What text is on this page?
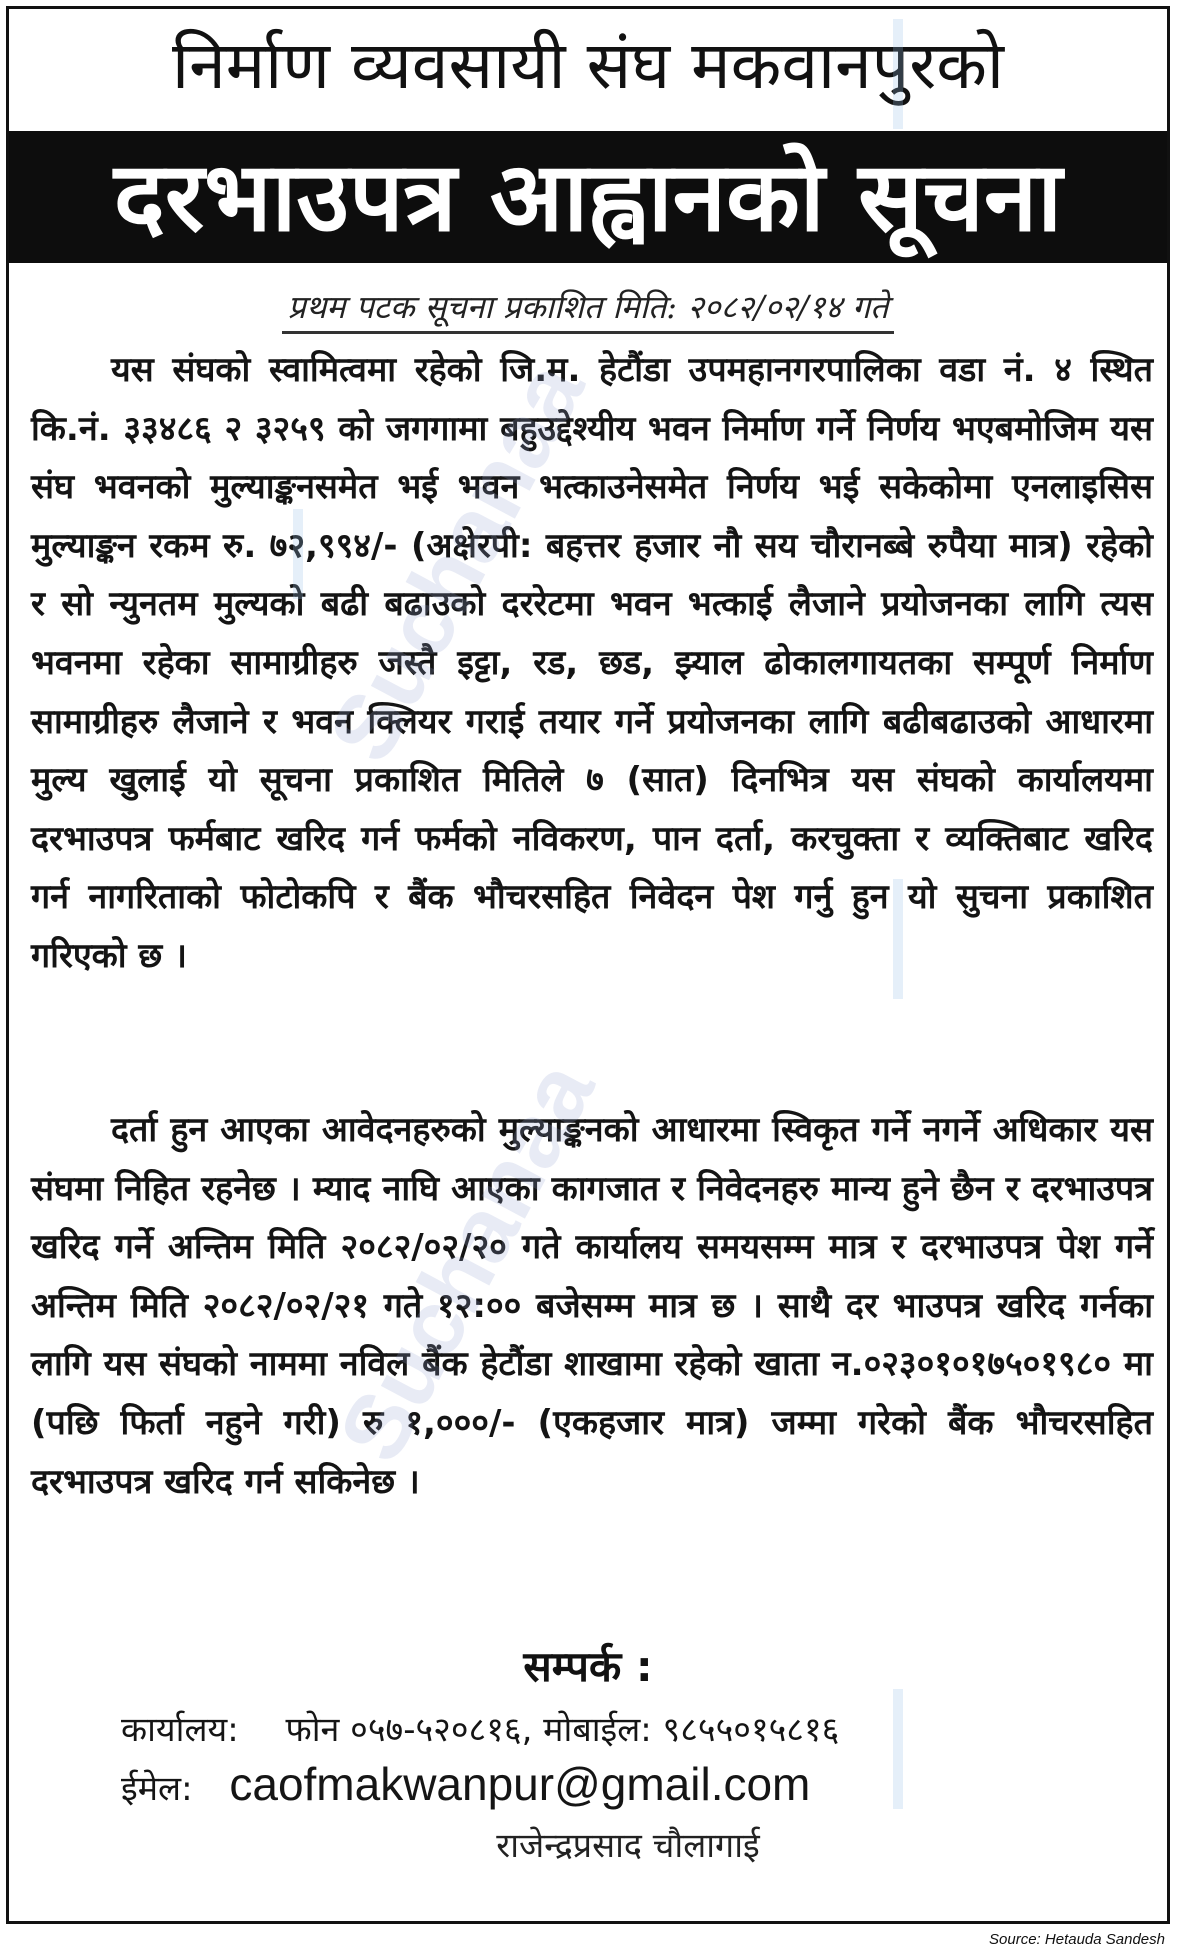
निर्माण व्यवसायी संघ मकवानपुरको
दरभाउपत्र आह्वानको सूचना
प्रथम पटक सूचना प्रकाशित मिति: २०८२/०२/१४ गते
यस संघको स्वामित्वमा रहेको जि.म. हेटौंडा उपमहानगरपालिका वडा नं. ४ स्थित कि.नं. ३३४८६ २ ३२५९ को जगगामा बहुउद्देश्यीय भवन निर्माण गर्ने निर्णय भएबमोजिम यस संघ भवनको मुल्याङ्कनसमेत भई भवन भत्काउनेसमेत निर्णय भई सकेकोमा एनलाइसिस मुल्याङ्कन रकम रु. ७२,९९४/- (अक्षेरपी: बहत्तर हजार नौ सय चौरानब्बे रुपैया मात्र) रहेको र सो न्युनतम मुल्यको बढी बढाउको दररेटमा भवन भत्काई लैजाने प्रयोजनका लागि त्यस भवनमा रहेका सामाग्रीहरु जस्तै इट्टा, रड, छड, झ्याल ढोकालगायतका सम्पूर्ण निर्माण सामाग्रीहरु लैजाने र भवन क्लियर गराई तयार गर्ने प्रयोजनका लागि बढीबढाउको आधारमा मुल्य खुलाई यो सूचना प्रकाशित मितिले ७ (सात) दिनभित्र यस संघको कार्यालयमा दरभाउपत्र फर्मबाट खरिद गर्न फर्मको नविकरण, पान दर्ता, करचुक्ता र व्यक्तिबाट खरिद गर्न नागरिताको फोटोकपि र बैंक भौचरसहित निवेदन पेश गर्नु हुन यो सुचना प्रकाशित गरिएको छ ।
दर्ता हुन आएका आवेदनहरुको मुल्याङ्कनको आधारमा स्विकृत गर्ने नगर्ने अधिकार यस संघमा निहित रहनेछ । म्याद नाघि आएका कागजात र निवेदनहरु मान्य हुने छैन र दरभाउपत्र खरिद गर्ने अन्तिम मिति २०८२/०२/२० गते कार्यालय समयसम्म मात्र र दरभाउपत्र पेश गर्ने अन्तिम मिति २०८२/०२/२१ गते १२:०० बजेसम्म मात्र छ । साथै दर भाउपत्र खरिद गर्नका लागि यस संघको नाममा नविल बैंक हेटौंडा शाखामा रहेको खाता न.०२३०१०१७५०१९८० मा (पछि फिर्ता नहुने गरी) रु १,०००/- (एकहजार मात्र) जम्मा गरेको बैंक भौचरसहित दरभाउपत्र खरिद गर्न सकिनेछ ।
सम्पर्क :
कार्यालय: फोन ०५७-५२०८१६, मोबाईल: ९८५५०१५८१६
ईमेल: caofmakwanpur@gmail.com
राजेन्द्रप्रसाद चौलागाई
Suchanaa
Suchanaa
Source: Hetauda Sandesh
